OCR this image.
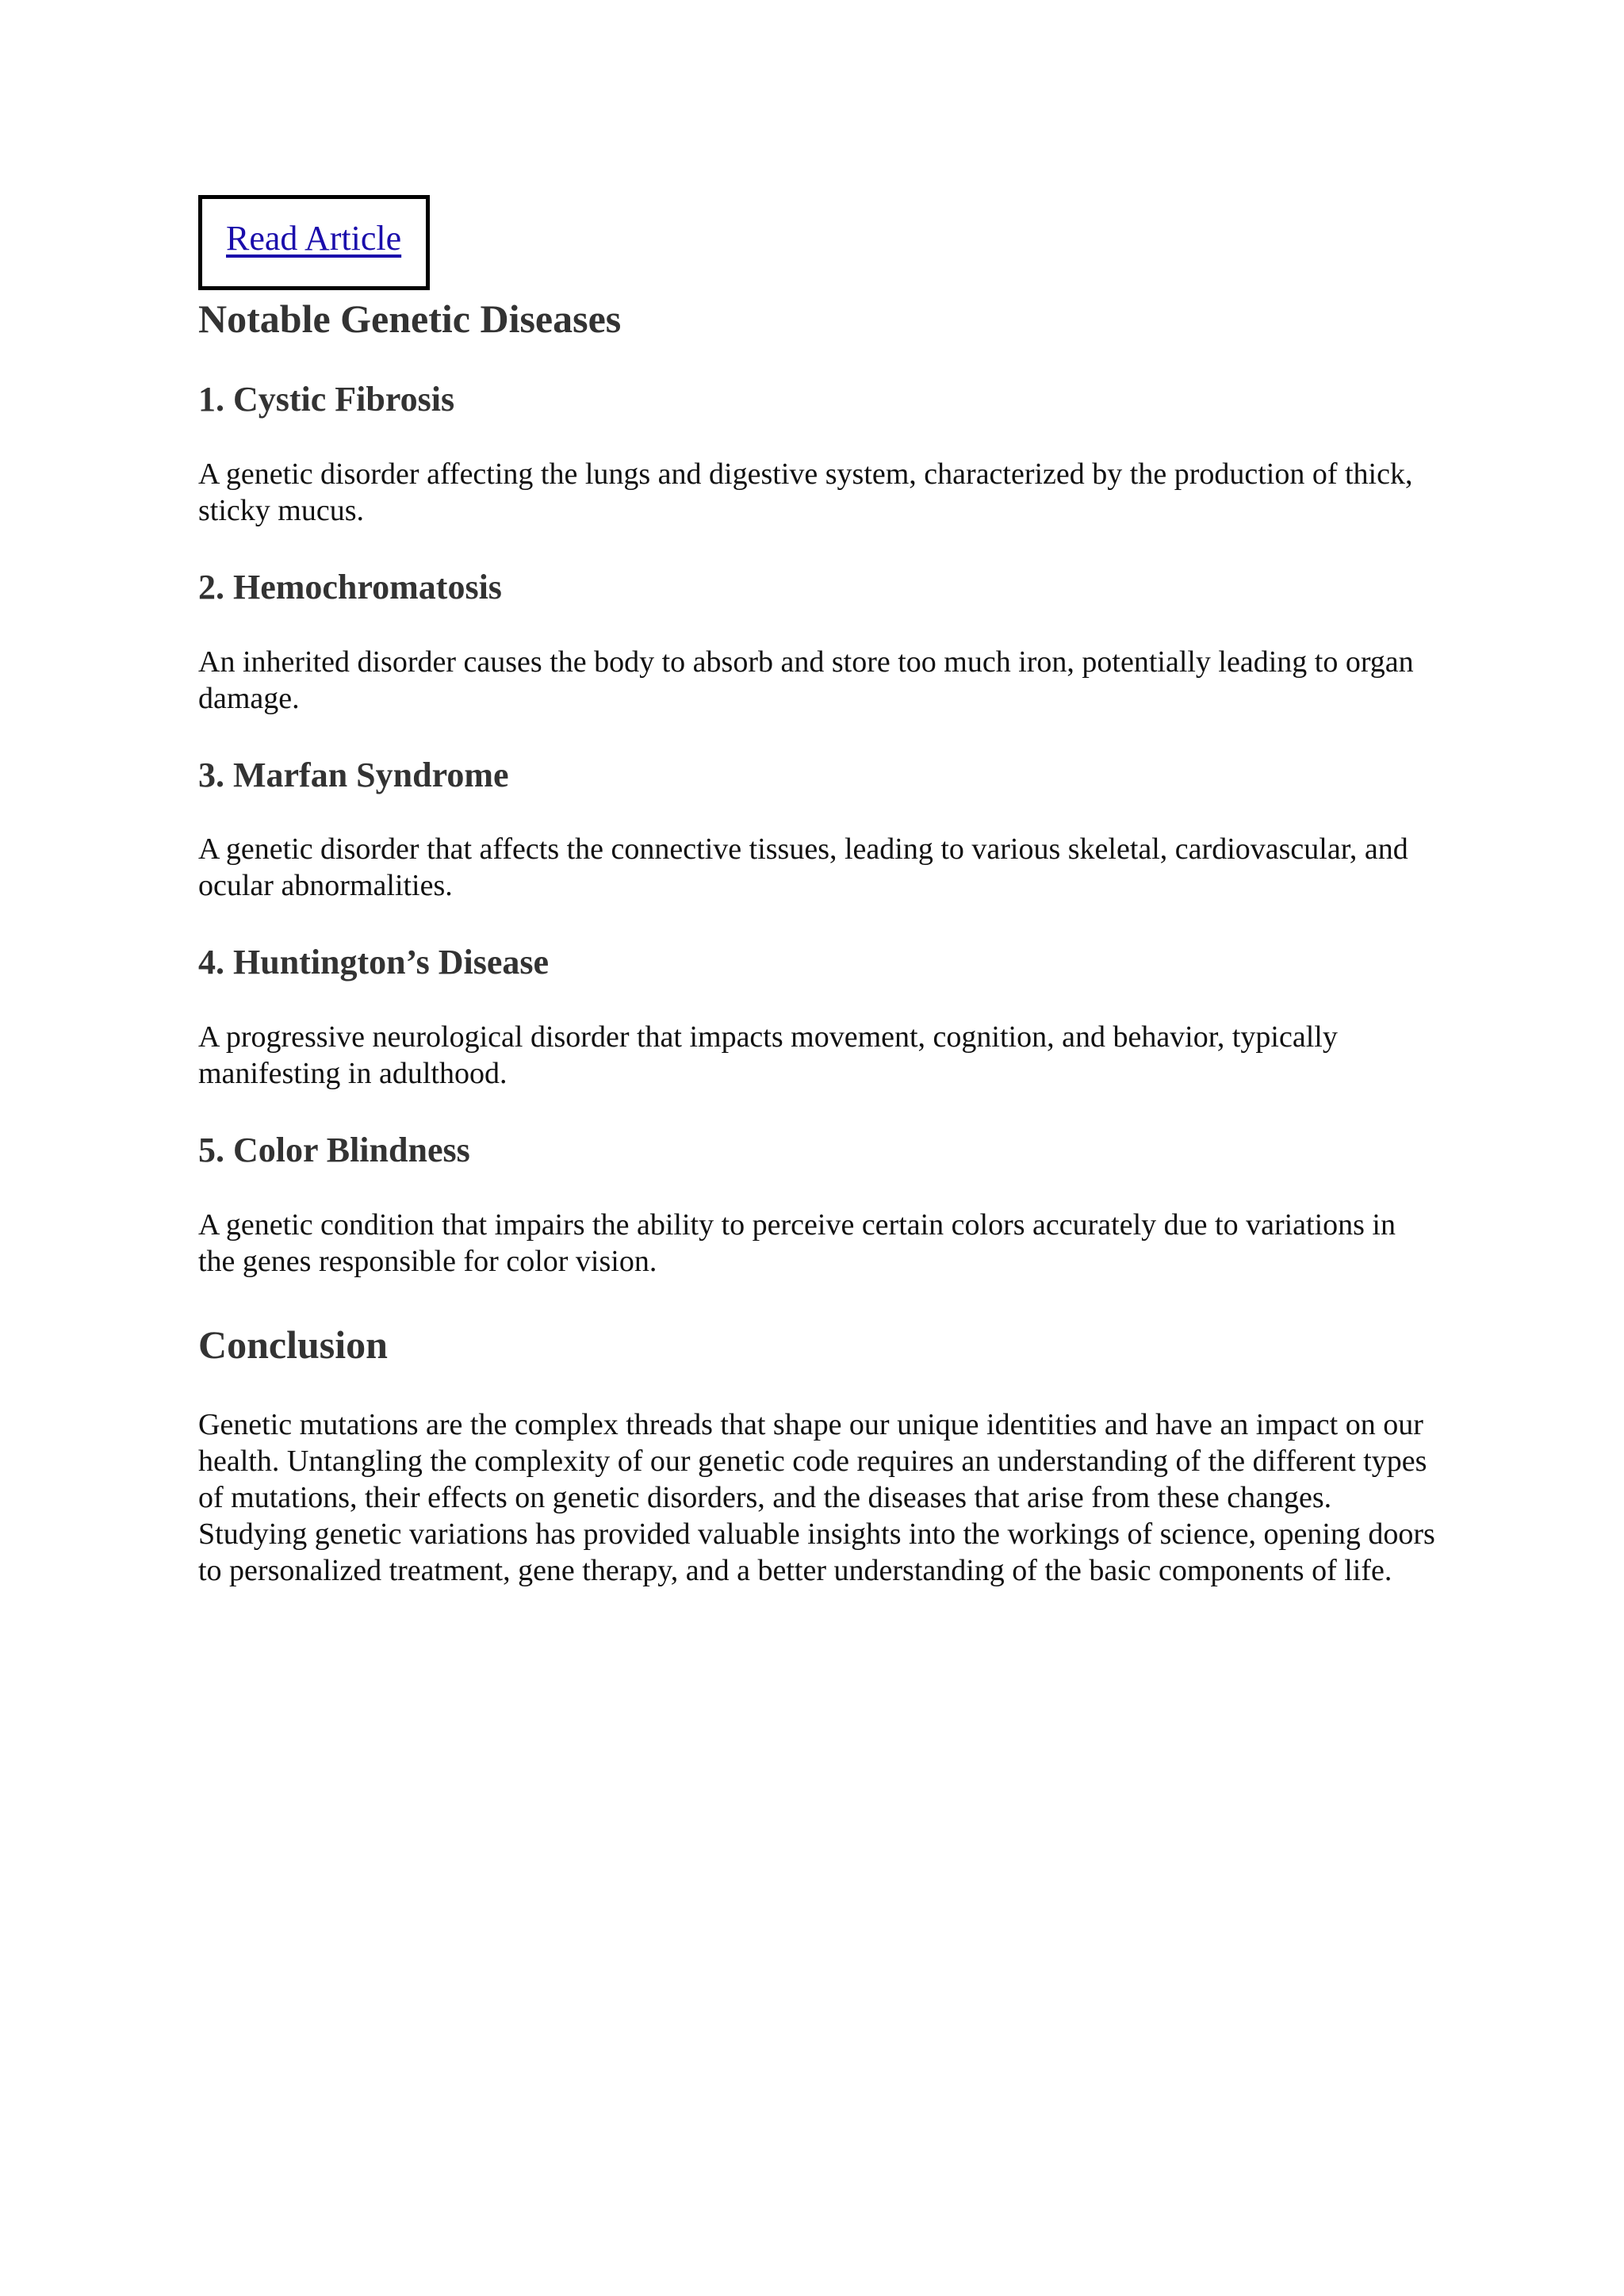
Read Article
Notable Genetic Diseases
1. Cystic Fibrosis

A genetic disorder affecting the lungs and digestive system, characterized by the production of thick, sticky mucus.

2. Hemochromatosis

An inherited disorder causes the body to absorb and store too much iron, potentially leading to organ damage.

3. Marfan Syndrome

A genetic disorder that affects the connective tissues, leading to various skeletal, cardiovascular, and ocular abnormalities.

4. Huntington’s Disease

A progressive neurological disorder that impacts movement, cognition, and behavior, typically manifesting in adulthood.

5. Color Blindness

A genetic condition that impairs the ability to perceive certain colors accurately due to variations in the genes responsible for color vision.

Conclusion

Genetic mutations are the complex threads that shape our unique identities and have an impact on our health. Untangling the complexity of our genetic code requires an understanding of the different types of mutations, their effects on genetic disorders, and the diseases that arise from these changes. Studying genetic variations has provided valuable insights into the workings of science, opening doors to personalized treatment, gene therapy, and a better understanding of the basic components of life.
